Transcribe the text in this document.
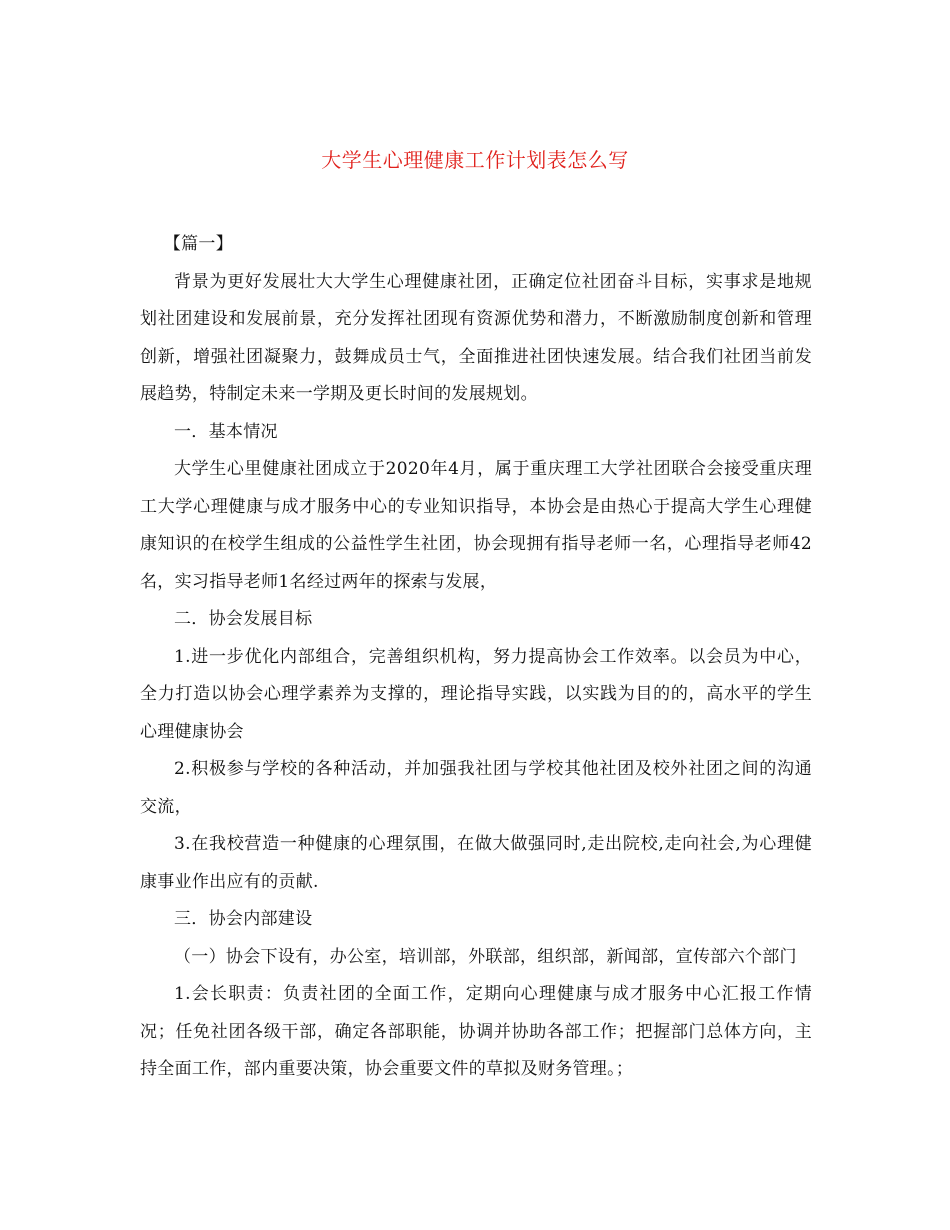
大学生心理健康工作计划表怎么写

【篇一】

背景为更好发展壮大大学生心理健康社团，正确定位社团奋斗目标，实事求是地规划社团建设和发展前景，充分发挥社团现有资源优势和潜力，不断激励制度创新和管理创新，增强社团凝聚力，鼓舞成员士气，全面推进社团快速发展。结合我们社团当前发展趋势，特制定未来一学期及更长时间的发展规划。

一．基本情况

大学生心里健康社团成立于2020年4月，属于重庆理工大学社团联合会接受重庆理工大学心理健康与成才服务中心的专业知识指导，本协会是由热心于提高大学生心理健康知识的在校学生组成的公益性学生社团，协会现拥有指导老师一名，心理指导老师42名，实习指导老师1名经过两年的探索与发展，

二．协会发展目标

1.进一步优化内部组合，完善组织机构，努力提高协会工作效率。以会员为中心，全力打造以协会心理学素养为支撑的，理论指导实践，以实践为目的的，高水平的学生心理健康协会

2.积极参与学校的各种活动，并加强我社团与学校其他社团及校外社团之间的沟通交流，

3.在我校营造一种健康的心理氛围，在做大做强同时,走出院校,走向社会,为心理健康事业作出应有的贡献.

三．协会内部建设

（一）协会下设有，办公室，培训部，外联部，组织部，新闻部，宣传部六个部门

1.会长职责：负责社团的全面工作，定期向心理健康与成才服务中心汇报工作情况；任免社团各级干部，确定各部职能，协调并协助各部工作；把握部门总体方向，主持全面工作，部内重要决策，协会重要文件的草拟及财务管理。；
